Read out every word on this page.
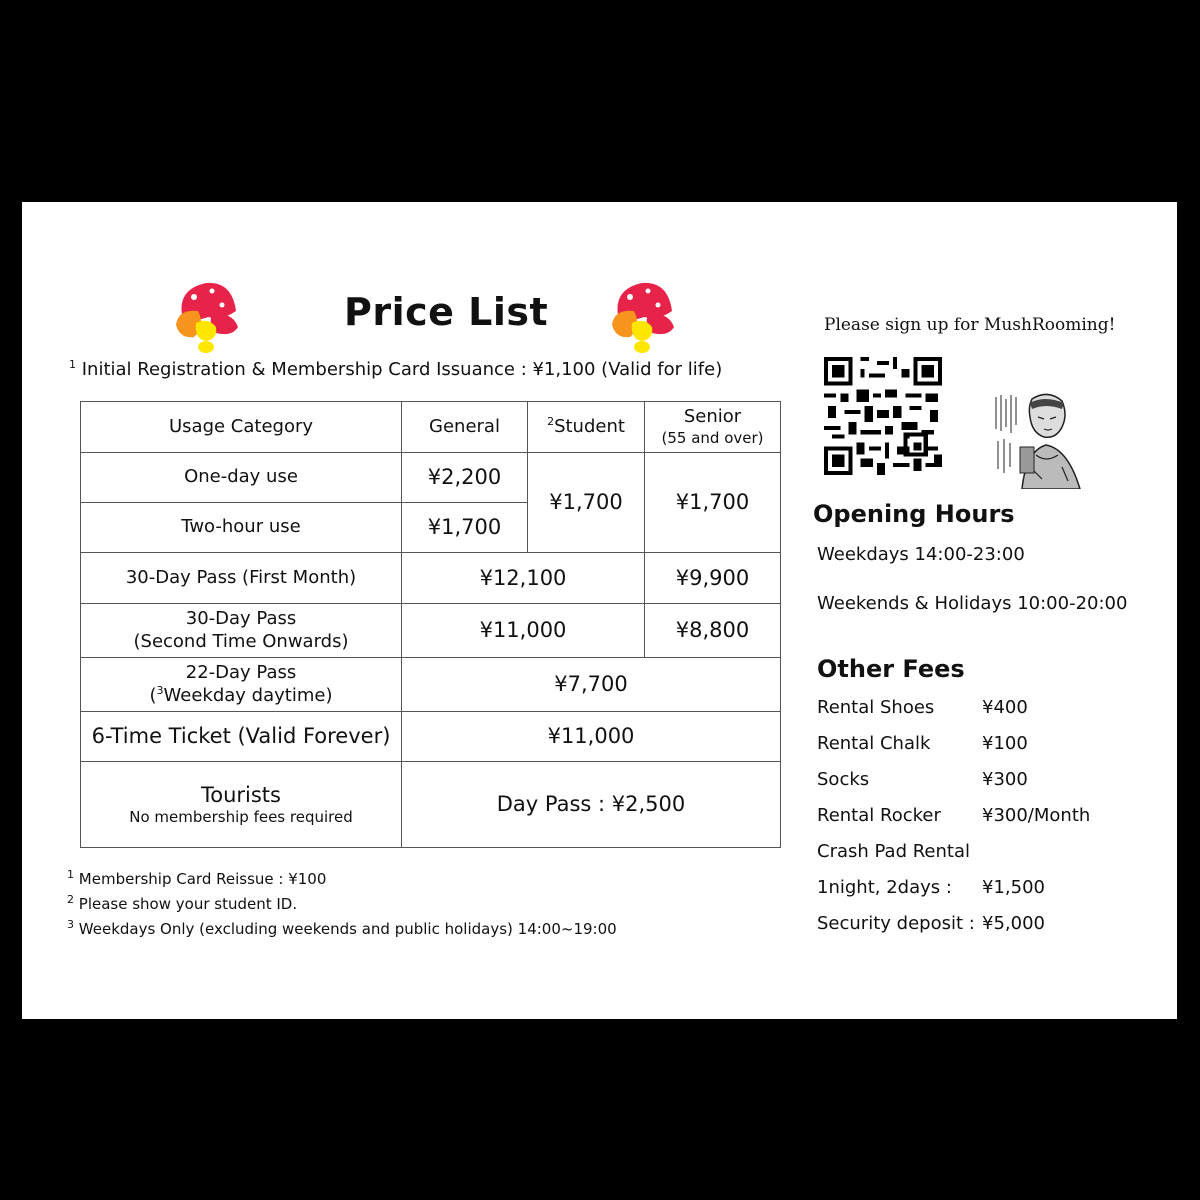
Price List
$^1$ Initial Registration & Membership Card Issuance : ¥1,100 (Valid for life)
Usage Category	General	$^2$Student	Senior
(55 and over)

One-day use	¥2,200	¥1,700	¥1,700
Two-hour use	¥1,700		
30-Day Pass (First Month)	¥12,100		¥9,900

30-Day Pass
(Second Time Onwards)	¥11,000		¥8,800

22-Day Pass
($^3$Weekday daytime)	¥7,700		
6-Time Ticket (Valid Forever)	¥11,000		

Tourists
No membership fees required	Day Pass : ¥2,500		
$^1$ Membership Card Reissue : ¥100
$^2$ Please show your student ID.
$^3$ Weekdays Only (excluding weekends and public holidays) 14:00~19:00
Please sign up for MushRooming!
Opening Hours
Weekdays 14:00-23:00
Weekends & Holidays 10:00-20:00
Other Fees
Rental Shoes	¥400
Rental Chalk	¥100
Socks	¥300
Rental Rocker ¥300/Month
Crash Pad Rental
1night, 2days : ¥1,500
Security deposit : ¥5,000
